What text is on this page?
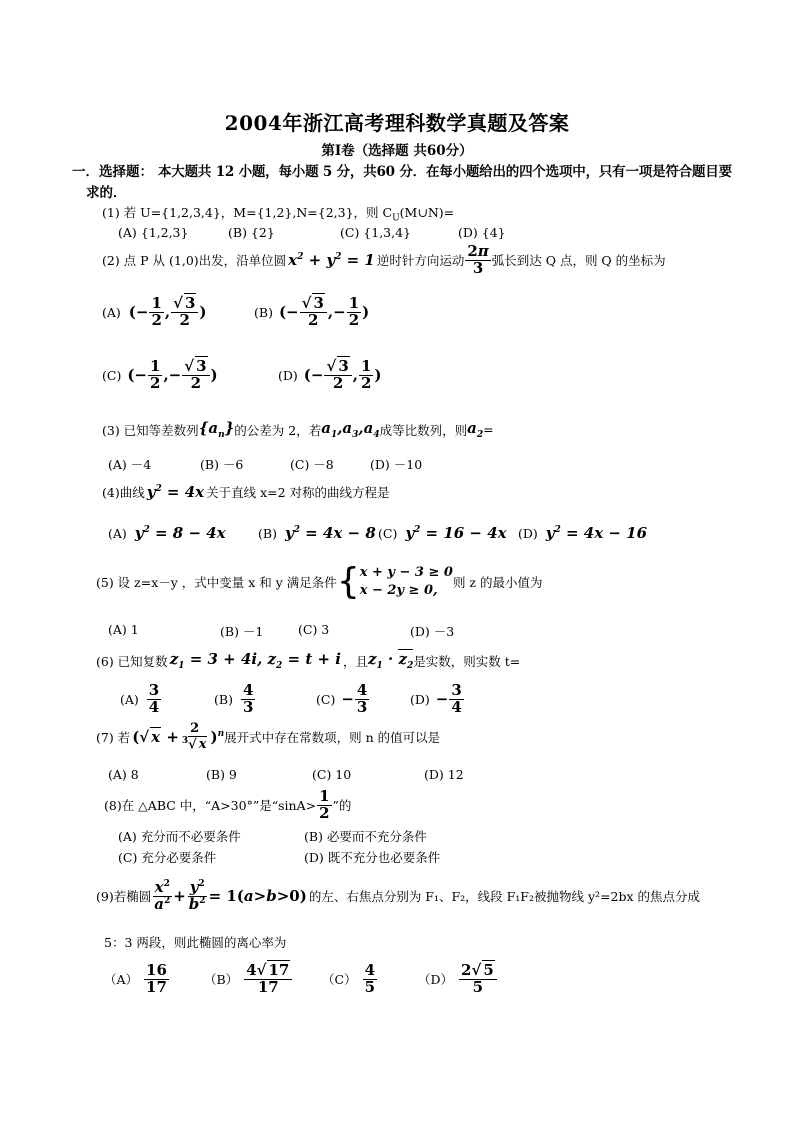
2004年浙江高考理科数学真题及答案
第Ⅰ卷（选择题 共60分）
一．选择题： 本大题共 12 小题，每小题 5 分，共60 分．在每小题给出的四个选项中，只有一项是符合题目要
求的．
(1) 若 U={1,2,3,4}，M={1,2},N={2,3}，则 $C_U(M\cup N)=$
(A) {1,2,3}	(B) {2}	(C) {1,3,4}	(D) {4}
(2) 点 P 从 (1,0)出发，沿单位圆 $x^2 + y^2 = 1$ 逆时针方向运动 $\frac{2\pi}{3}$ 弧长到达 Q 点，则 Q 的坐标为
(A) (− $\frac{1}{2}$ , $\frac{√ 3}{2}$ )	(B) (− $\frac{√ 3}{2}$ ,− $\frac{1}{2}$ )
(C) (− $\frac{1}{2}$ ,− $\frac{√ 3}{2}$ )	(D) (− $\frac{√ 3}{2}$ , $\frac{1}{2}$ )
(3) 已知等差数列 $\{a_n\}$ 的公差为 2，若 $a_1,a_3,a_4$ 成等比数列，则 $a_2$ =
(A) －4	(B) －6	(C) －8	(D) －10
(4)曲线 $y^2 = 4x$ 关于直线 x=2 对称的曲线方程是
(A) $y^2 = 8 - 4x$	(B) $y^2 = 4x - 8$ (C) $y^2 = 16 - 4x$ (D) $y^2 = 4x - 16$
(5) 设 z=x－y ，式中变量 x 和 y 满足条件 { x + y − 3 ≥ 0
x − 2y ≥ 0,
则 z 的最小值为
(A) 1	(B) －1	(C) 3	(D) －3
(6) 已知复数 $z_1 = 3 + 4i$, $z_2 = t + i$ ，且 $z_1 \cdot z_2$ 是实数，则实数 t=
$(A) \frac{3}{4}$	$(B) \frac{4}{3}$	$(C) - \frac{4}{3}$	$(D) - \frac{3}{4}$
(7) 若 (√ $x + \frac{2}{^3√ x} )^n$ 展开式中存在常数项，则 n 的值可以是
(A) 8	(B) 9	(C) 10	(D) 12
(8)在 △ABC 中，“A>30°”是“$\sin A> \frac{1}{2}$ ”的
(A) 充分而不必要条件	(B) 必要而不充分条件
(C) 充分必要条件	(D) 既不充分也必要条件
(9)若椭圆 $\frac{x^2}{a^2} + \frac{y^2}{b^2} = 1(a>b>0)$ 的左、右焦点分别为 F₁、F₂，线段 F₁F₂被抛物线 y²=2bx 的焦点分成
5：3 两段，则此椭圆的离心率为
$(A) \frac{16}{17}$	$(B) \frac{4√ 17}{17} (C) \frac{4}{5}$	$(D) \frac{2√ 5}{5}$
